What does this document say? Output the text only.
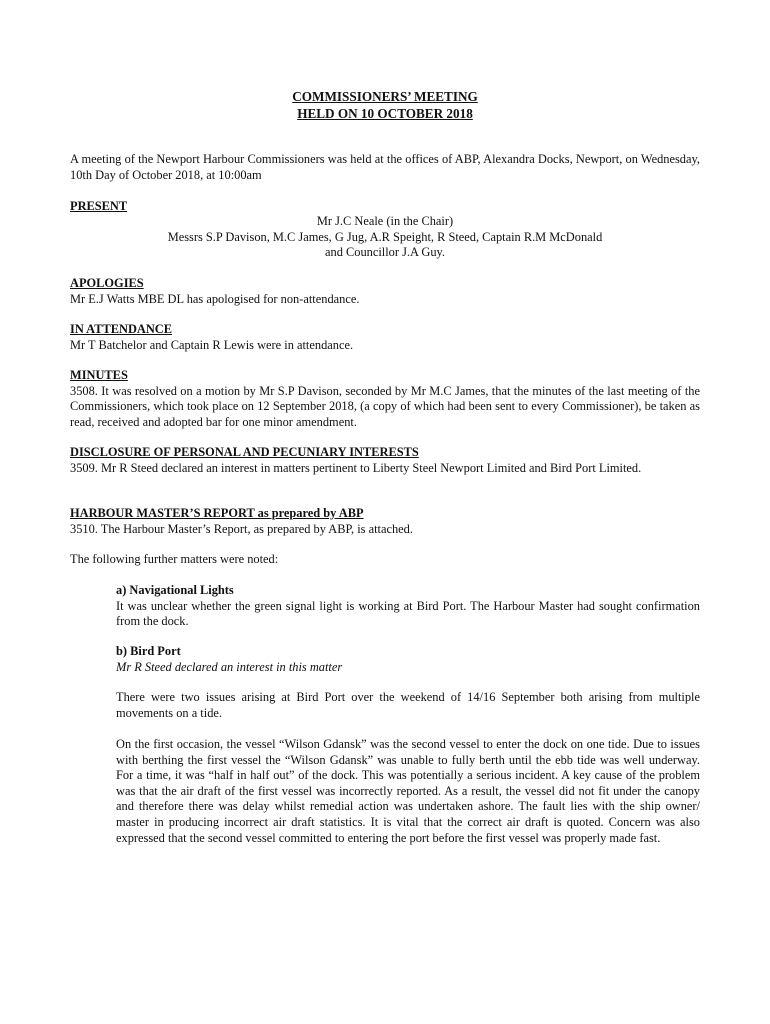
COMMISSIONERS’ MEETING
HELD ON 10 OCTOBER 2018

A meeting of the Newport Harbour Commissioners was held at the offices of ABP, Alexandra Docks, Newport, on Wednesday, 10th Day of October 2018, at 10:00am

PRESENT
Mr J.C Neale (in the Chair)
Messrs S.P Davison, M.C James, G Jug, A.R Speight, R Steed, Captain R.M McDonald
and Councillor J.A Guy.
APOLOGIES

Mr E.J Watts MBE DL has apologised for non-attendance.

IN ATTENDANCE

Mr T Batchelor and Captain R Lewis were in attendance.

MINUTES

3508. It was resolved on a motion by Mr S.P Davison, seconded by Mr M.C James, that the minutes of the last meeting of the Commissioners, which took place on 12 September 2018, (a copy of which had been sent to every Commissioner), be taken as read, received and adopted bar for one minor amendment.

DISCLOSURE OF PERSONAL AND PECUNIARY INTERESTS

3509. Mr R Steed declared an interest in matters pertinent to Liberty Steel Newport Limited and Bird Port Limited.

HARBOUR MASTER’S REPORT as prepared by ABP

3510. The Harbour Master’s Report, as prepared by ABP, is attached.

The following further matters were noted:

a) Navigational Lights

It was unclear whether the green signal light is working at Bird Port. The Harbour Master had sought confirmation from the dock.

b) Bird Port
Mr R Steed declared an interest in this matter

There were two issues arising at Bird Port over the weekend of 14/16 September both arising from multiple movements on a tide.

On the first occasion, the vessel “Wilson Gdansk” was the second vessel to enter the dock on one tide. Due to issues with berthing the first vessel the “Wilson Gdansk” was unable to fully berth until the ebb tide was well underway. For a time, it was “half in half out” of the dock. This was potentially a serious incident. A key cause of the problem was that the air draft of the first vessel was incorrectly reported. As a result, the vessel did not fit under the canopy and therefore there was delay whilst remedial action was undertaken ashore. The fault lies with the ship owner/ master in producing incorrect air draft statistics. It is vital that the correct air draft is quoted. Concern was also expressed that the second vessel committed to entering the port before the first vessel was properly made fast.
